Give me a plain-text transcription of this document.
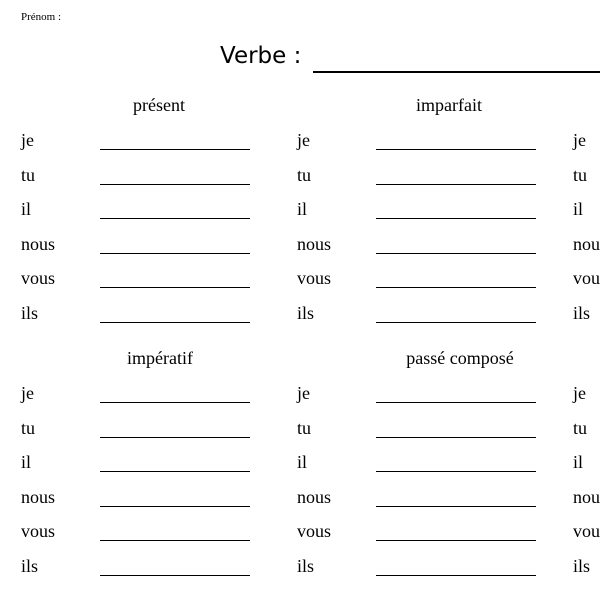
Prénom :
Verbe :
présent
je
tu
il
nous
vous
ils
imparfait
je
tu
il
nous
vous
ils
je
tu
il
nou
vou
ils
impératif
je
tu
il
nous
vous
ils
passé composé
je
tu
il
nous
vous
ils
je
tu
il
nou
vou
ils
